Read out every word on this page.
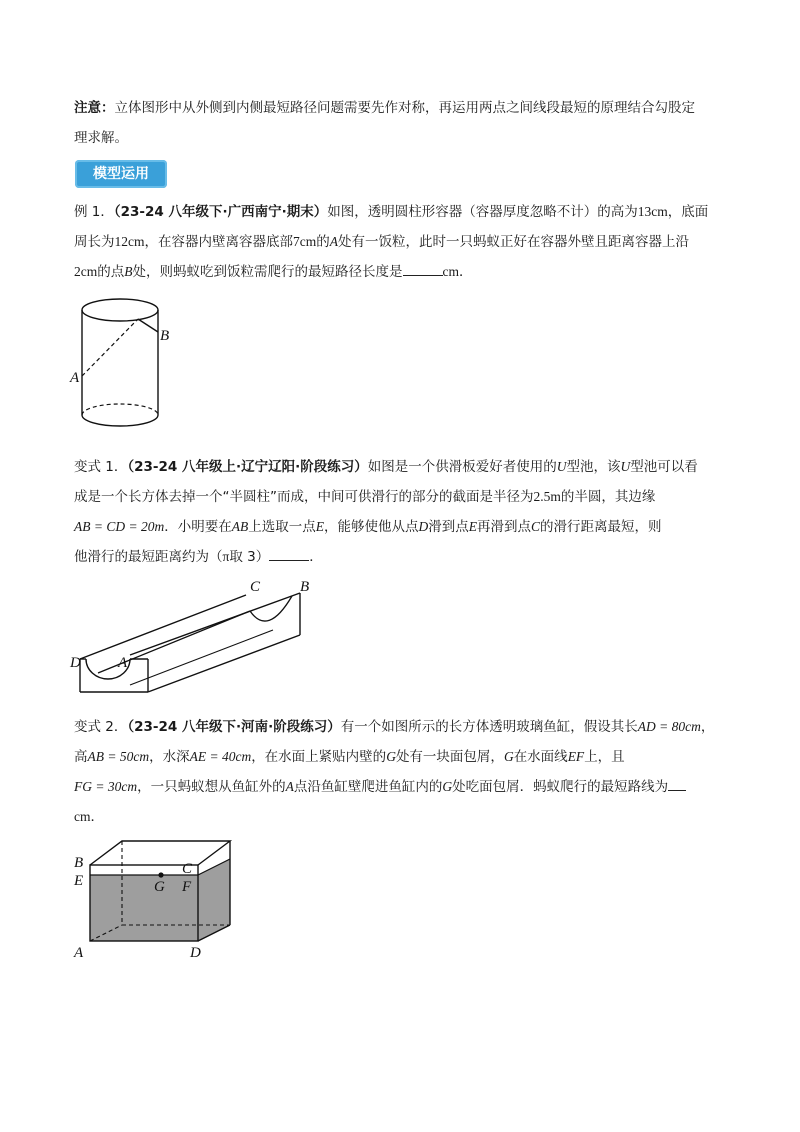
注意：立体图形中从外侧到内侧最短路径问题需要先作对称，再运用两点之间线段最短的原理结合勾股定
理求解。
模型运用
例 1．（23-24 八年级下·广西南宁·期末）如图，透明圆柱形容器（容器厚度忽略不计）的高为13cm，底面
周长为12cm，在容器内壁离容器底部7cm的A处有一饭粒，此时一只蚂蚁正好在容器外壁且距离容器上沿
2cm的点B处，则蚂蚁吃到饭粒需爬行的最短路径长度是	cm．
B
A
变式 1．（23-24 八年级上·辽宁辽阳·阶段练习）如图是一个供滑板爱好者使用的U型池，该U型池可以看
成是一个长方体去掉一个“半圆柱”而成，中间可供滑行的部分的截面是半径为2.5m的半圆，其边缘
AB = CD = 20m．小明要在AB上选取一点E，能够使他从点D滑到点E再滑到点C的滑行距离最短，则
他滑行的最短距离约为（π取 3）	．
C	B
D A
变式 2．（23-24 八年级下·河南·阶段练习）有一个如图所示的长方体透明玻璃鱼缸，假设其长AD = 80cm，
高AB = 50cm，水深AE = 40cm，在水面上紧贴内壁的G处有一块面包屑，G在水面线EF上，且
FG = 30cm，一只蚂蚁想从鱼缸外的A点沿鱼缸壁爬进鱼缸内的G处吃面包屑．蚂蚁爬行的最短路线为
cm．
B
E	G
C
F
A	D
